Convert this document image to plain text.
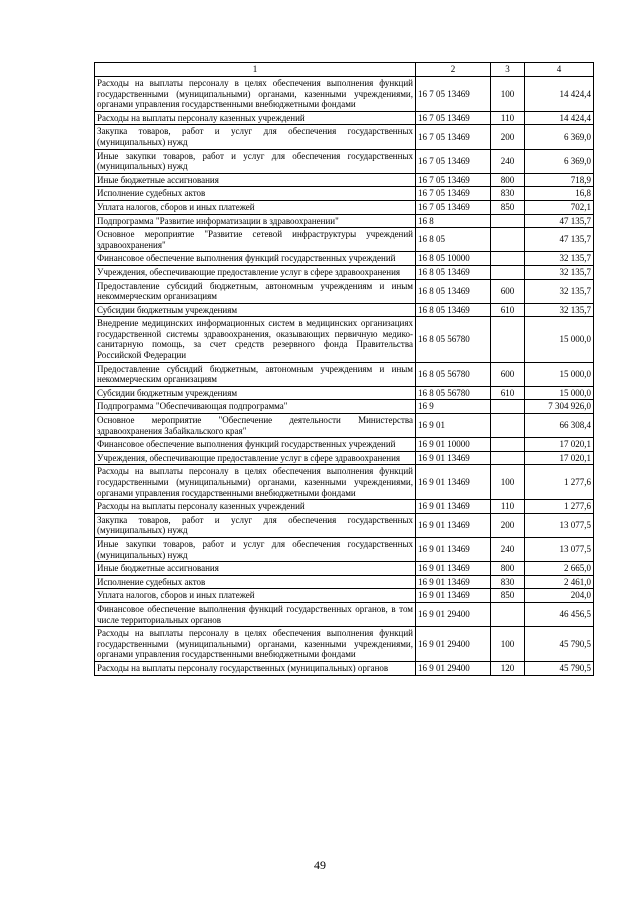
1	2	3	4
Расходы на выплаты персоналу в целях обеспечения выполнения функций государственными (муниципальными) органами, казенными учреждениями, органами управления государственными внебюджетными фондами	16 7 05 13469	100	14 424,4
Расходы на выплаты персоналу казенных учреждений	16 7 05 13469	110	14 424,4
Закупка товаров, работ и услуг для обеспечения государственных (муниципальных) нужд	16 7 05 13469	200	6 369,0
Иные закупки товаров, работ и услуг для обеспечения государственных (муниципальных) нужд	16 7 05 13469	240	6 369,0
Иные бюджетные ассигнования	16 7 05 13469	800	718,9
Исполнение судебных актов	16 7 05 13469	830	16,8
Уплата налогов, сборов и иных платежей	16 7 05 13469	850	702,1
Подпрограмма "Развитие информатизации в здравоохранении"	16 8		47 135,7
Основное мероприятие "Развитие сетевой инфраструктуры учреждений здравоохранения"	16 8 05		47 135,7
Финансовое обеспечение выполнения функций государственных учреждений	16 8 05 10000		32 135,7
Учреждения, обеспечивающие предоставление услуг в сфере здравоохранения	16 8 05 13469		32 135,7
Предоставление субсидий бюджетным, автономным учреждениям и иным некоммерческим организациям	16 8 05 13469	600	32 135,7
Субсидии бюджетным учреждениям	16 8 05 13469	610	32 135,7
Внедрение медицинских информационных систем в медицинских организациях государственной системы здравоохранения, оказывающих первичную медико-санитарную помощь, за счет средств резервного фонда Правительства Российской Федерации	16 8 05 56780		15 000,0
Предоставление субсидий бюджетным, автономным учреждениям и иным некоммерческим организациям	16 8 05 56780	600	15 000,0
Субсидии бюджетным учреждениям	16 8 05 56780	610	15 000,0
Подпрограмма "Обеспечивающая подпрограмма"	16 9		7 304 926,0
Основное мероприятие "Обеспечение деятельности Министерства здравоохранения Забайкальского края"	16 9 01		66 308,4
Финансовое обеспечение выполнения функций государственных учреждений	16 9 01 10000		17 020,1
Учреждения, обеспечивающие предоставление услуг в сфере здравоохранения	16 9 01 13469		17 020,1
Расходы на выплаты персоналу в целях обеспечения выполнения функций государственными (муниципальными) органами, казенными учреждениями, органами управления государственными внебюджетными фондами	16 9 01 13469	100	1 277,6
Расходы на выплаты персоналу казенных учреждений	16 9 01 13469	110	1 277,6
Закупка товаров, работ и услуг для обеспечения государственных (муниципальных) нужд	16 9 01 13469	200	13 077,5
Иные закупки товаров, работ и услуг для обеспечения государственных (муниципальных) нужд	16 9 01 13469	240	13 077,5
Иные бюджетные ассигнования	16 9 01 13469	800	2 665,0
Исполнение судебных актов	16 9 01 13469	830	2 461,0
Уплата налогов, сборов и иных платежей	16 9 01 13469	850	204,0
Финансовое обеспечение выполнения функций государственных органов, в том числе территориальных органов	16 9 01 29400		46 456,5
Расходы на выплаты персоналу в целях обеспечения выполнения функций государственными (муниципальными) органами, казенными учреждениями, органами управления государственными внебюджетными фондами	16 9 01 29400	100	45 790,5
Расходы на выплаты персоналу государственных (муниципальных) органов	16 9 01 29400	120	45 790,5
49
